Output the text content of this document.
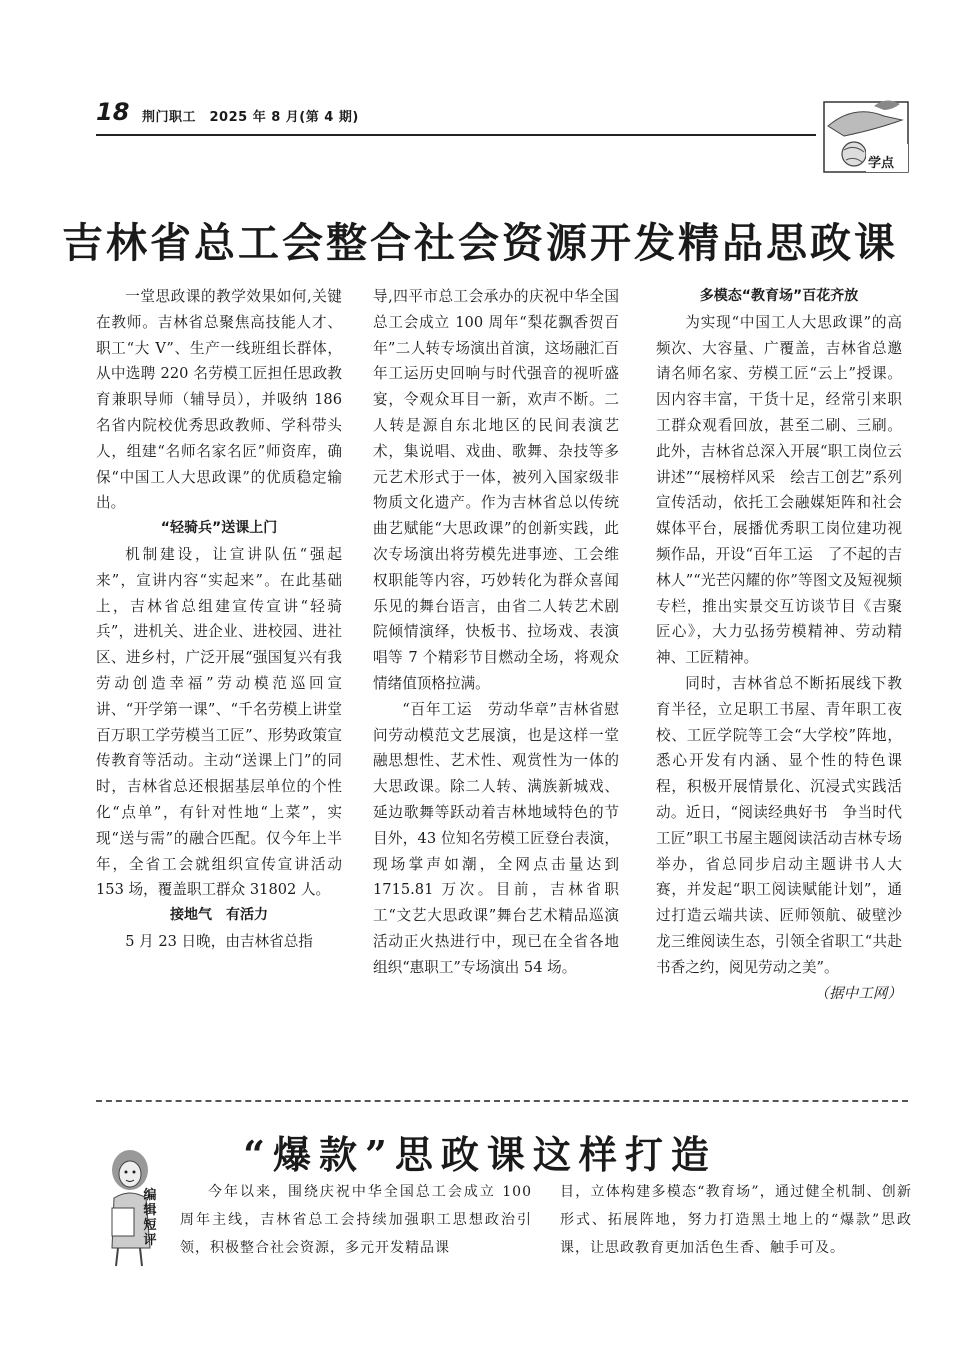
18 荆门职工　2025 年 8 月(第 4 期)
学点
吉林省总工会整合社会资源开发精品思政课

一堂思政课的教学效果如何,关键在教师。吉林省总聚焦高技能人才、职工“大 V”、生产一线班组长群体，从中选聘 220 名劳模工匠担任思政教育兼职导师（辅导员），并吸纳 186 名省内院校优秀思政教师、学科带头人，组建“名师名家名匠”师资库，确保“中国工人大思政课”的优质稳定输出。

“轻骑兵”送课上门

机制建设，让宣讲队伍“强起来”，宣讲内容“实起来”。在此基础上，吉林省总组建宣传宣讲“轻骑兵”，进机关、进企业、进校园、进社区、进乡村，广泛开展“强国复兴有我　劳动创造幸福”劳动模范巡回宣讲、“开学第一课”、“千名劳模上讲堂　百万职工学劳模当工匠”、形势政策宣传教育等活动。主动“送课上门”的同时，吉林省总还根据基层单位的个性化“点单”，有针对性地“上菜”，实现“送与需”的融合匹配。仅今年上半年，全省工会就组织宣传宣讲活动 153 场，覆盖职工群众 31802 人。

接地气　有活力

5 月 23 日晚，由吉林省总指

导,四平市总工会承办的庆祝中华全国总工会成立 100 周年“梨花飘香贺百年”二人转专场演出首演，这场融汇百年工运历史回响与时代强音的视听盛宴，令观众耳目一新，欢声不断。二人转是源自东北地区的民间表演艺术，集说唱、戏曲、歌舞、杂技等多元艺术形式于一体，被列入国家级非物质文化遗产。作为吉林省总以传统曲艺赋能“大思政课”的创新实践，此次专场演出将劳模先进事迹、工会维权职能等内容，巧妙转化为群众喜闻乐见的舞台语言，由省二人转艺术剧院倾情演绎，快板书、拉场戏、表演唱等 7 个精彩节目燃动全场，将观众情绪值顶格拉满。

“百年工运　劳动华章”吉林省慰问劳动模范文艺展演，也是这样一堂融思想性、艺术性、观赏性为一体的大思政课。除二人转、满族新城戏、延边歌舞等跃动着吉林地域特色的节目外，43 位知名劳模工匠登台表演，现场掌声如潮，全网点击量达到 1715.81 万次。目前，吉林省职工“文艺大思政课”舞台艺术精品巡演活动正火热进行中，现已在全省各地组织“惠职工”专场演出 54 场。

多模态“教育场”百花齐放

为实现“中国工人大思政课”的高频次、大容量、广覆盖，吉林省总邀请名师名家、劳模工匠“云上”授课。因内容丰富，干货十足，经常引来职工群众观看回放，甚至二刷、三刷。此外，吉林省总深入开展“职工岗位云讲述”“展榜样风采　绘吉工创艺”系列宣传活动，依托工会融媒矩阵和社会媒体平台，展播优秀职工岗位建功视频作品，开设“百年工运　了不起的吉林人”“光芒闪耀的你”等图文及短视频专栏，推出实景交互访谈节目《吉聚匠心》，大力弘扬劳模精神、劳动精神、工匠精神。

同时，吉林省总不断拓展线下教育半径，立足职工书屋、青年职工夜校、工匠学院等工会“大学校”阵地，悉心开发有内涵、显个性的特色课程，积极开展情景化、沉浸式实践活动。近日，“阅读经典好书　争当时代工匠”职工书屋主题阅读活动吉林专场举办，省总同步启动主题讲书人大赛，并发起“职工阅读赋能计划”，通过打造云端共读、匠师领航、破壁沙龙三维阅读生态，引领全省职工“共赴书香之约，阅见劳动之美”。

（据中工网）
“爆款”思政课这样打造
编辑短评

今年以来，围绕庆祝中华全国总工会成立 100 周年主线，吉林省总工会持续加强职工思想政治引领，积极整合社会资源，多元开发精品课

目，立体构建多模态“教育场”，通过健全机制、创新形式、拓展阵地，努力打造黑土地上的“爆款”思政课，让思政教育更加活色生香、触手可及。
